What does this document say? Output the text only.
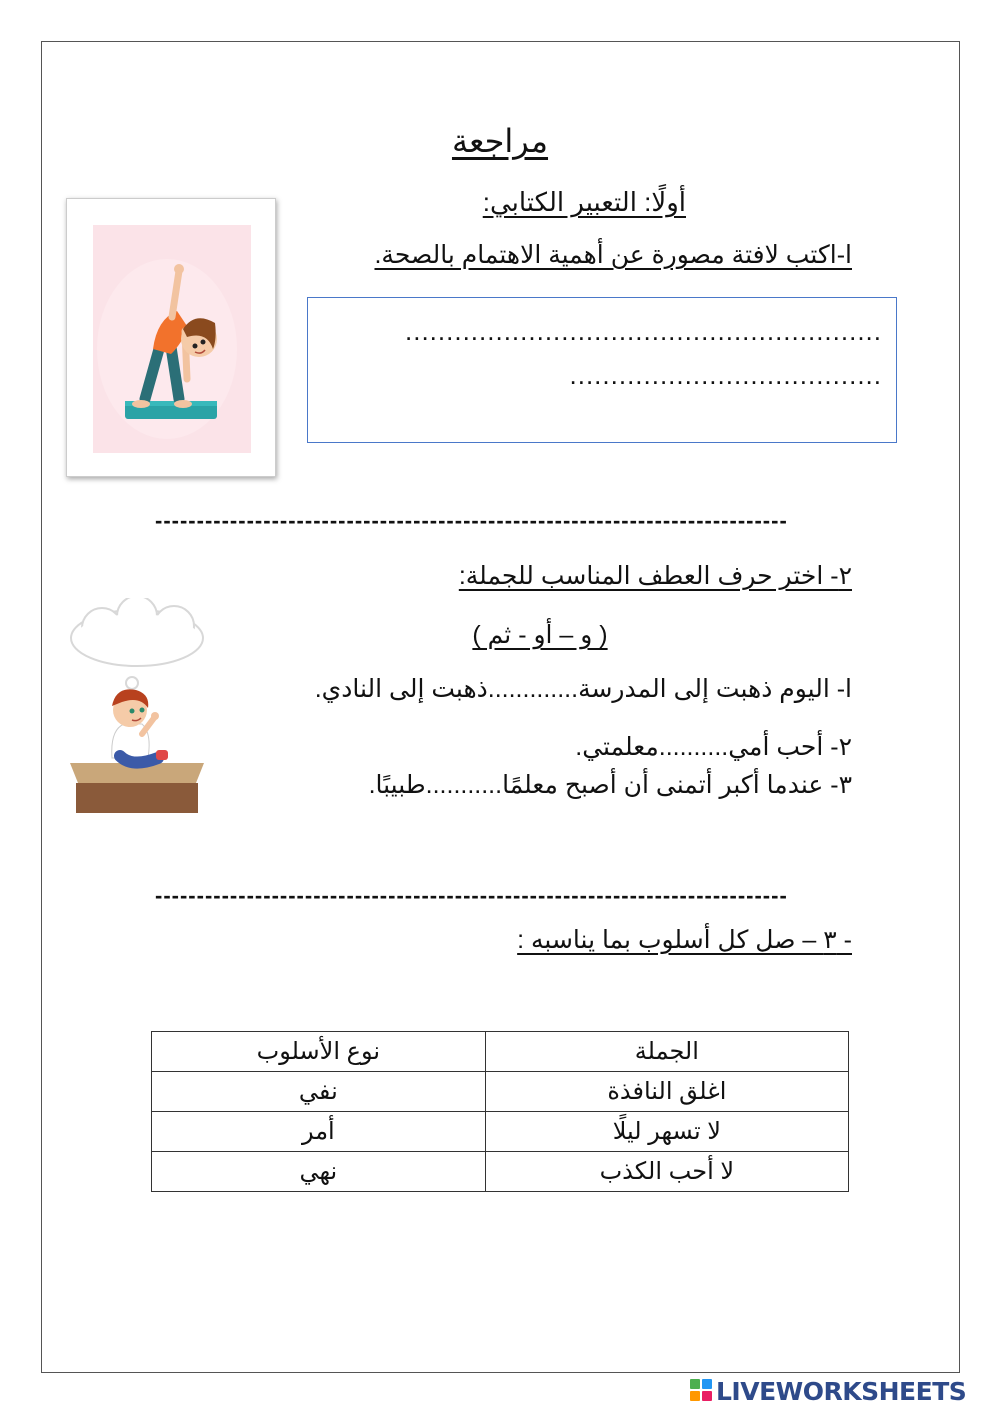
مراجعة
أولًا: التعبير الكتابي:
ا-اكتب لافتة مصورة عن أهمية الاهتمام بالصحة.
..........................................................
......................................
----------------------------------------------------------------------------
٢- اختر حرف العطف المناسب للجملة:
( و – أو - ثم )
ا- اليوم ذهبت إلى المدرسة.............ذهبت إلى النادي.
٢- أحب أمي..........معلمتي.
٣- عندما أكبر أتمنى أن أصبح معلمًا...........طبيبًا.
----------------------------------------------------------------------------
- ٣ – صل كل أسلوب بما يناسبه :
الجملة	نوع الأسلوب
اغلق النافذة	نفي
لا تسهر ليلًا	أمر
لا أحب الكذب	نهي
LIVEWORKSHEETS
